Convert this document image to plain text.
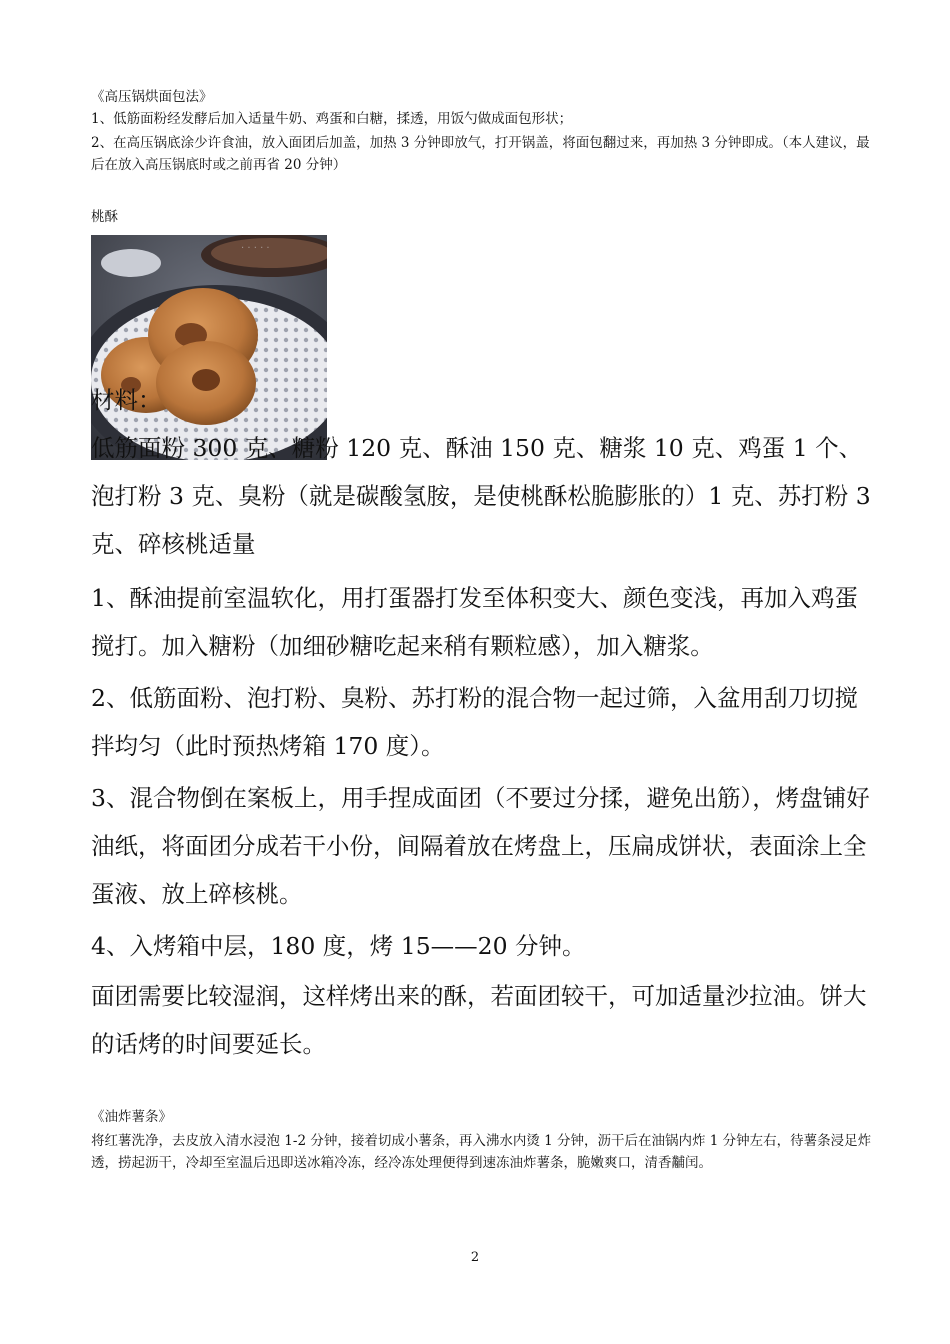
《高压锅烘面包法》

1、低筋面粉经发酵后加入适量牛奶、鸡蛋和白糖，揉透，用饭勺做成面包形状；

2、在高压锅底涂少许食油，放入面团后加盖，加热 3 分钟即放气，打开锅盖，将面包翻过来，再加热 3 分钟即成。（本人建议，最后在放入高压锅底时或之前再省 20 分钟）

桃酥

· · · · ·

材料：

低筋面粉 300 克、糖粉 120 克、酥油 150 克、糖浆 10 克、鸡蛋 1 个、泡打粉 3 克、臭粉（就是碳酸氢胺，是使桃酥松脆膨胀的）1 克、苏打粉 3 克、碎核桃适量

1、酥油提前室温软化，用打蛋器打发至体积变大、颜色变浅，再加入鸡蛋搅打。加入糖粉（加细砂糖吃起来稍有颗粒感），加入糖浆。

2、低筋面粉、泡打粉、臭粉、苏打粉的混合物一起过筛，入盆用刮刀切搅拌均匀（此时预热烤箱 170 度）。

3、混合物倒在案板上，用手捏成面团（不要过分揉，避免出筋），烤盘铺好油纸，将面团分成若干小份，间隔着放在烤盘上，压扁成饼状，表面涂上全蛋液、放上碎核桃。

4、入烤箱中层，180 度，烤 15——20 分钟。

面团需要比较湿润，这样烤出来的酥，若面团较干，可加适量沙拉油。饼大的话烤的时间要延长。

《油炸薯条》

将红薯洗净，去皮放入清水浸泡 1-2 分钟，接着切成小薯条，再入沸水内烫 1 分钟，沥干后在油锅内炸 1 分钟左右，待薯条浸足炸透，捞起沥干，冷却至室温后迅即送冰箱冷冻，经冷冻处理便得到速冻油炸薯条，脆嫩爽口，清香黼闰。

2
